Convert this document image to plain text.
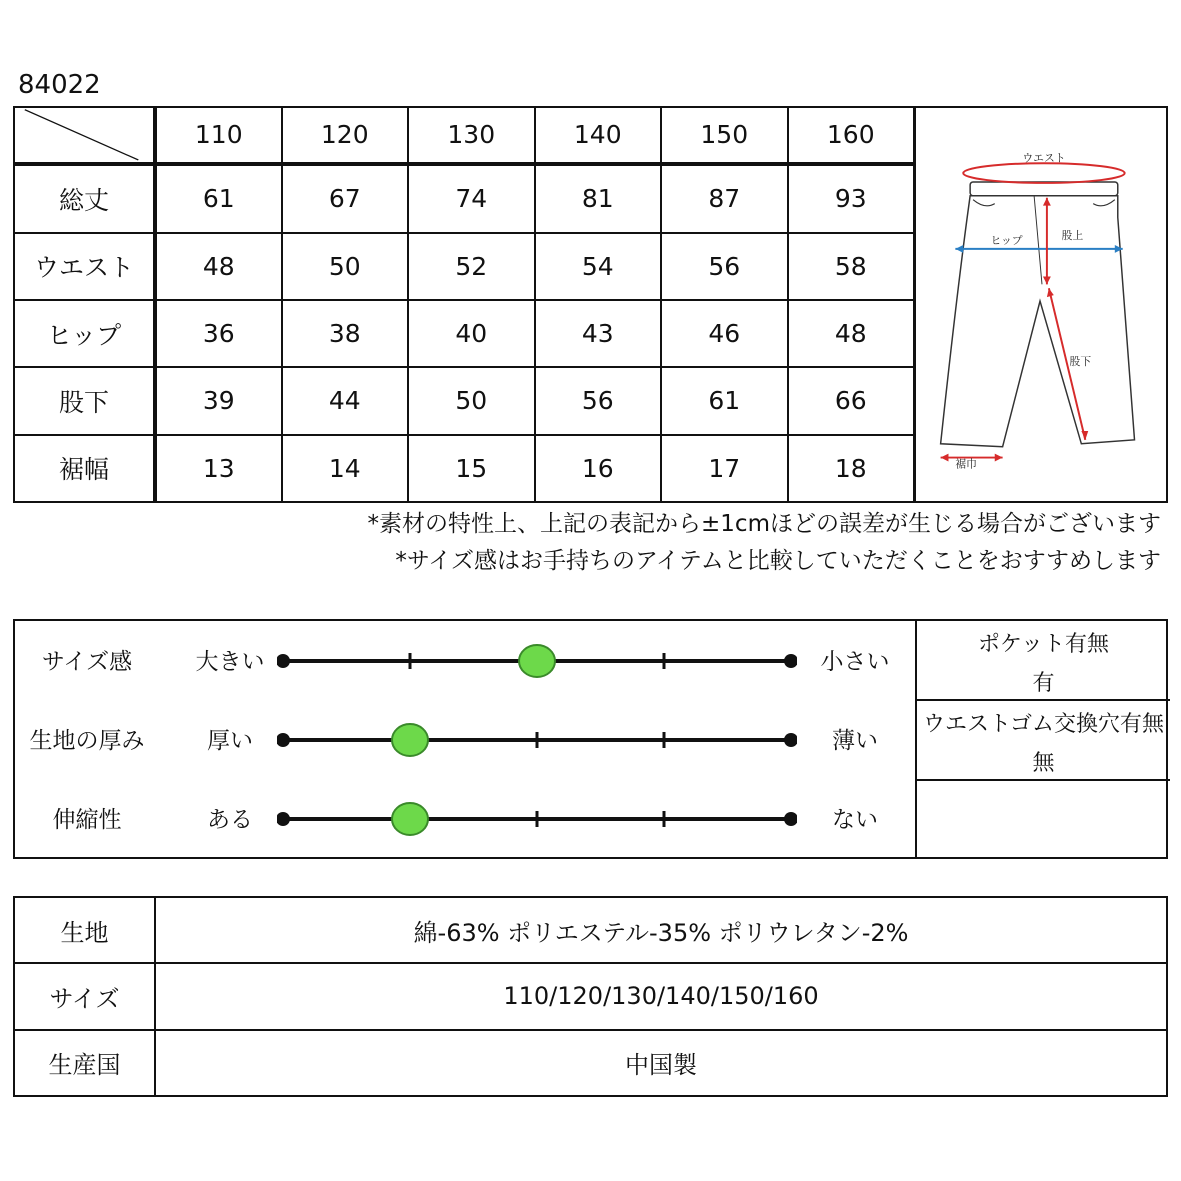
84022
	110	120	130	140	150	160
総丈	61	67	74	81	87	93
ウエスト	48	50	52	54	56	58
ヒップ	36	38	40	43	46	48
股下	39	44	50	56	61	66
裾幅	13	14	15	16	17	18
ウエスト
ヒップ	股上
股下
裾巾
*素材の特性上、上記の表記から±1cmほどの誤差が生じる場合がございます
*サイズ感はお手持ちのアイテムと比較していただくことをおすすめします
サイズ感	大きい	小さい
生地の厚み	厚い	薄い
伸縮性	ある	ない
ポケット有無
有
ウエストゴム交換穴有無
無
生地	綿-63% ポリエステル-35% ポリウレタン-2%
サイズ	110/120/130/140/150/160
生産国	中国製
